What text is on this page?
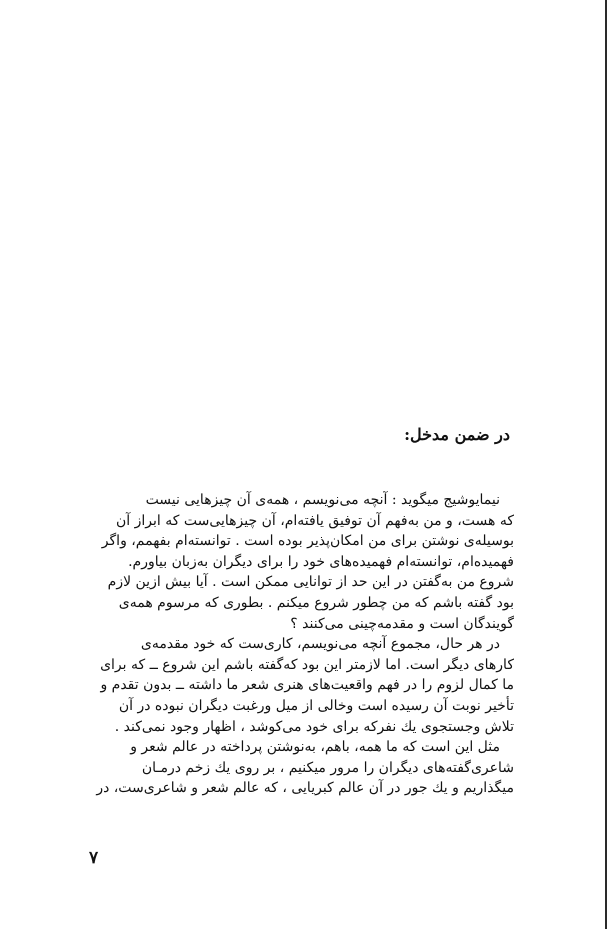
در ضمن مدخل:

نیمایوشیج میگوید : آنچه می‌نویسم ، همه‌ی آن چیزهایی نیست
که هست، و من به‌فهم آن توفیق یافته‌ام، آن چیزهایی‌ست که ابراز آن
بوسیله‌ی نوشتن برای من امکان‌پذیر بوده است . توانسته‌ام بفهمم، واگر
فهمیده‌ام، توانسته‌ام فهمیده‌های خود را برای دیگران به‌زبان بیاورم.
شروع من به‌گفتن در این حد از توانایی ممکن است . آیا بیش ازین لازم
بود گفته باشم که من چطور شروع میکنم . بطوری که مرسوم همه‌ی
گویندگان است و مقدمه‌چینی می‌کنند ؟

در هر حال، مجموع آنچه می‌نویسم، کاری‌ست که خود مقدمه‌ی
کارهای دیگر است. اما لازمتر این بود که‌گفته باشم این شروع ــ که برای
ما کمال لزوم را در فهم واقعیت‌های هنری شعر ما داشته ــ بدون تقدم و
تأخیر نوبت آن رسیده است وخالی از میل ورغبت دیگران نبوده در آن
تلاش وجستجوی یك نفرکه برای خود می‌کوشد ، اظهار وجود نمی‌کند .

مثل این است که ما همه، باهم، به‌نوشتن پرداخته در عالم شعر و
شاعری‌گفته‌های دیگران را مرور میکنیم ، بر روی یك زخم درمـان
میگذاریم و یك جور در آن عالم کبریایی ، که عالم شعر و شاعری‌ست، در

۷
